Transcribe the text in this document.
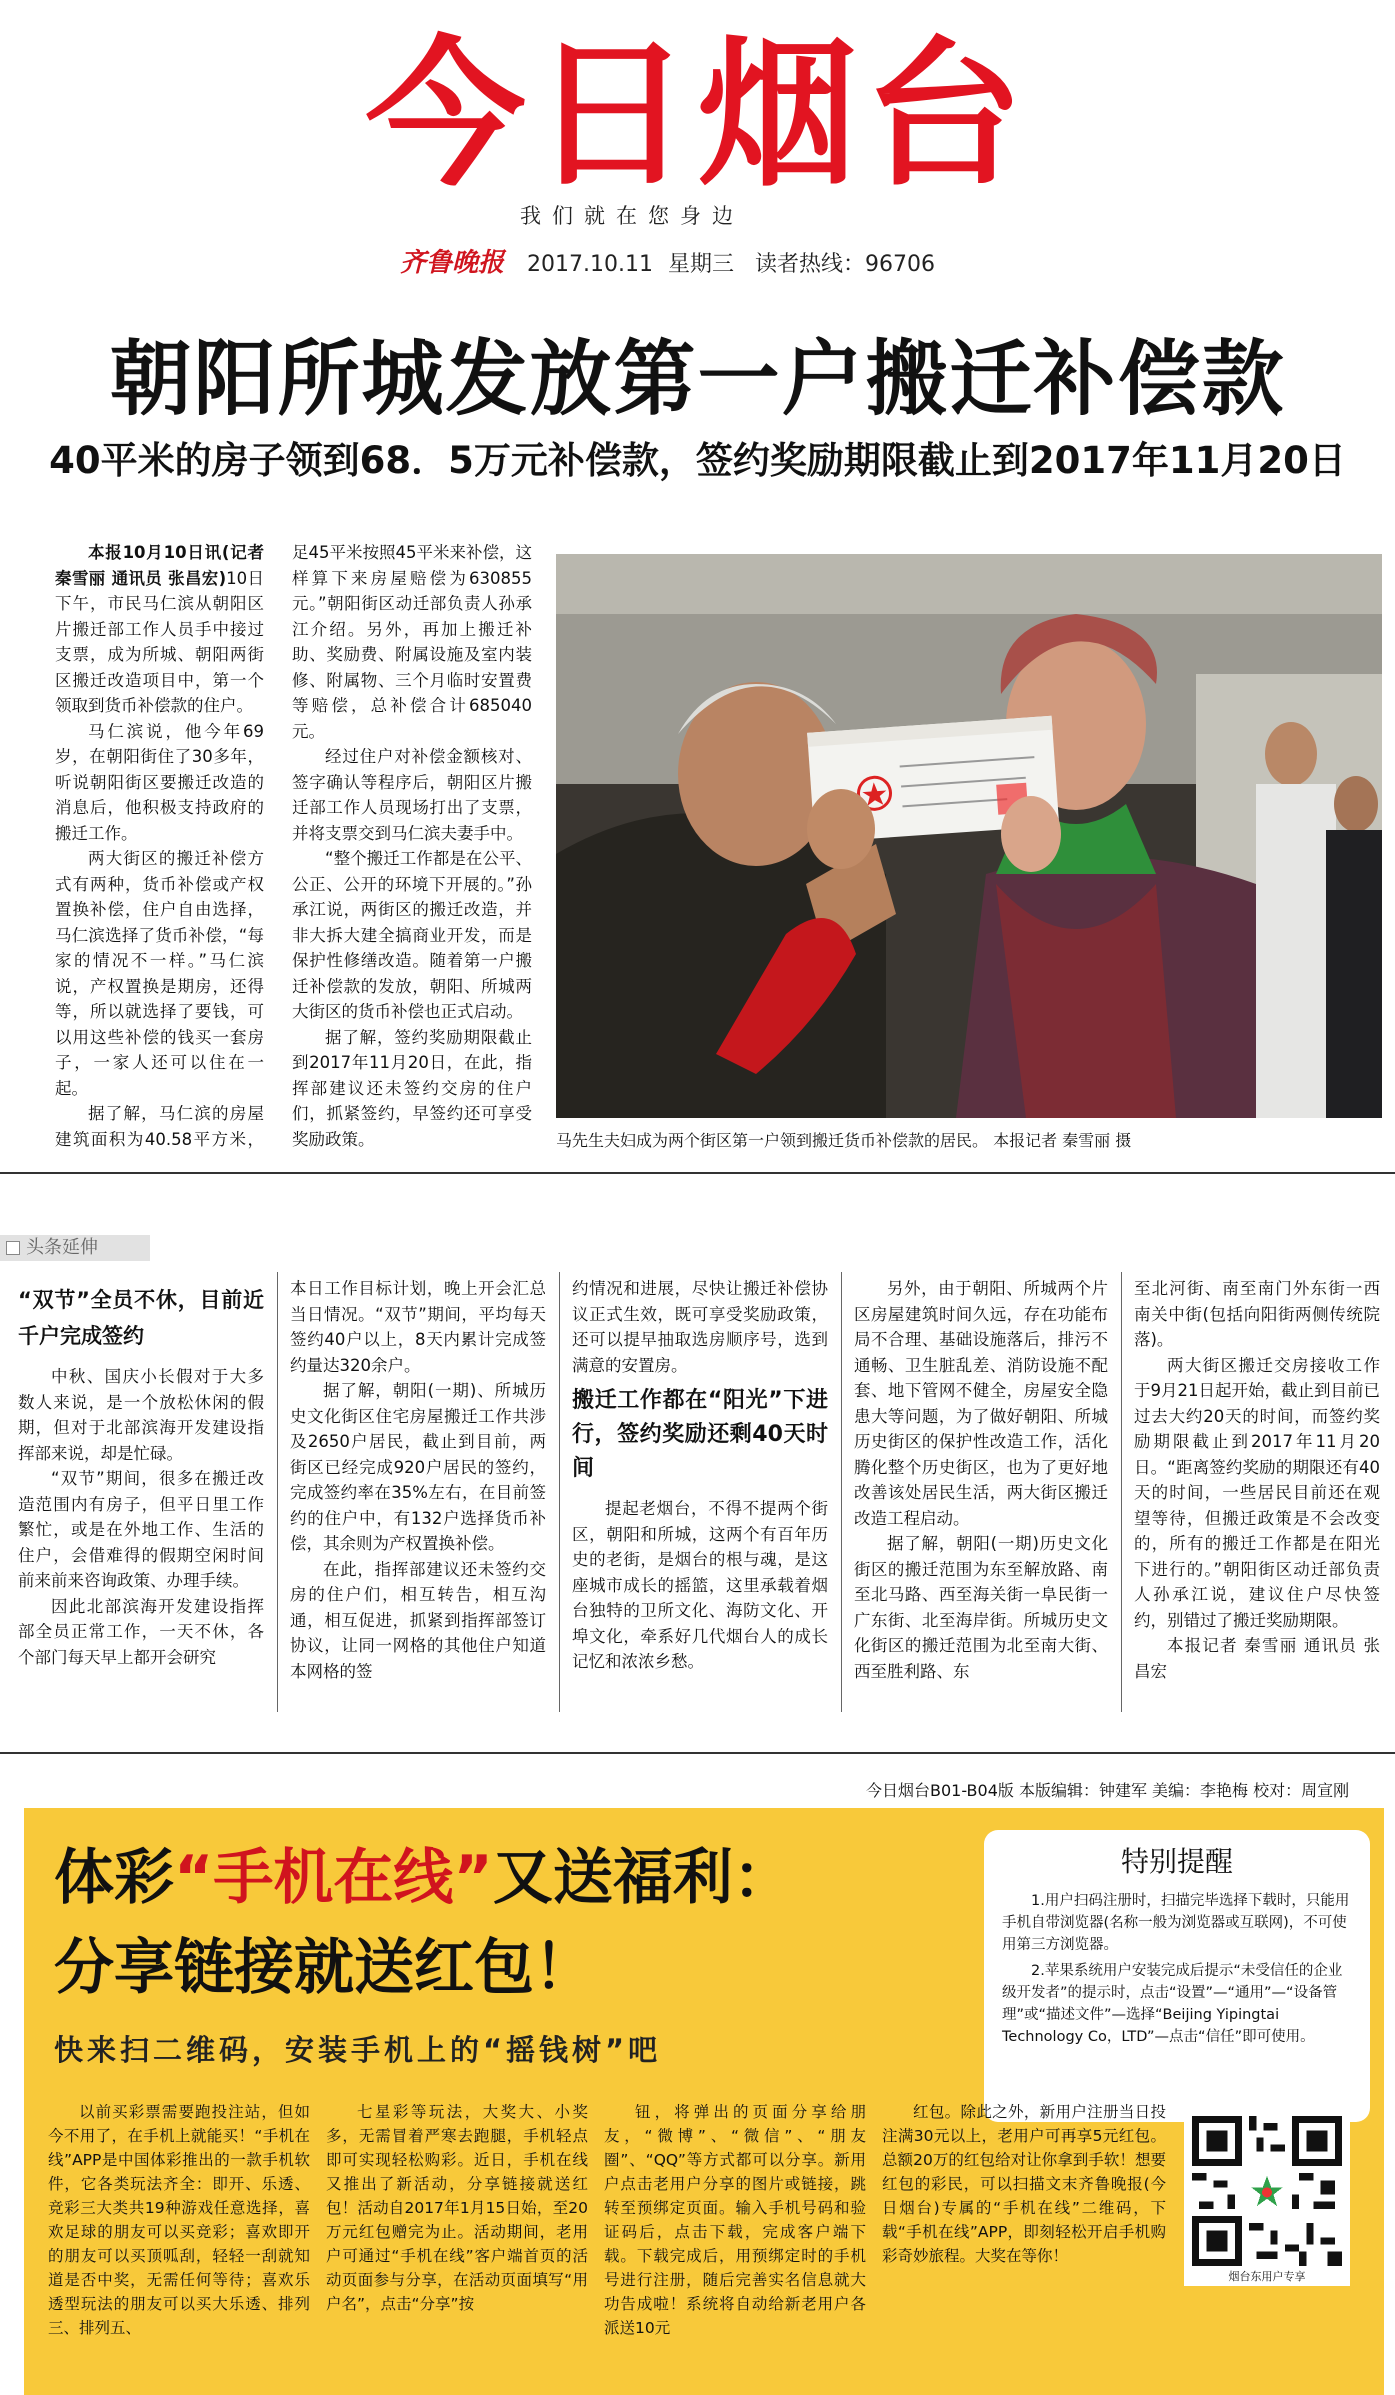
今日烟台
我们就在您身边
齐鲁晚报 2017.10.11 星期三 读者热线：96706
朝阳所城发放第一户搬迁补偿款
40平米的房子领到68．5万元补偿款，签约奖励期限截止到2017年11月20日

本报10月10日讯(记者 秦雪丽 通讯员 张昌宏)10日下午，市民马仁滨从朝阳区片搬迁部工作人员手中接过支票，成为所城、朝阳两街区搬迁改造项目中，第一个领取到货币补偿款的住户。

马仁滨说，他今年69岁，在朝阳街住了30多年，听说朝阳街区要搬迁改造的消息后，他积极支持政府的搬迁工作。

两大街区的搬迁补偿方式有两种，货币补偿或产权置换补偿，住户自由选择，马仁滨选择了货币补偿，“每家的情况不一样。”马仁滨说，产权置换是期房，还得等，所以就选择了要钱，可以用这些补偿的钱买一套房子，一家人还可以住在一起。

据了解，马仁滨的房屋建筑面积为40.58平方米，

足45平米按照45平米来补偿，这样算下来房屋赔偿为630855元。”朝阳街区动迁部负责人孙承江介绍。另外，再加上搬迁补助、奖励费、附属设施及室内装修、附属物、三个月临时安置费等赔偿，总补偿合计685040元。

经过住户对补偿金额核对、签字确认等程序后，朝阳区片搬迁部工作人员现场打出了支票，并将支票交到马仁滨夫妻手中。

“整个搬迁工作都是在公平、公正、公开的环境下开展的。”孙承江说，两街区的搬迁改造，并非大拆大建全搞商业开发，而是保护性修缮改造。随着第一户搬迁补偿款的发放，朝阳、所城两大街区的货币补偿也正式启动。

据了解，签约奖励期限截止到2017年11月20日，在此，指挥部建议还未签约交房的住户们，抓紧签约，早签约还可享受奖励政策。	马先生夫妇成为两个街区第一户领到搬迁货币补偿款的居民。 本报记者 秦雪丽 摄
头条延伸
“双节”全员不休，目前近千户完成签约

中秋、国庆小长假对于大多数人来说，是一个放松休闲的假期，但对于北部滨海开发建设指挥部来说，却是忙碌。

“双节”期间，很多在搬迁改造范围内有房子，但平日里工作繁忙，或是在外地工作、生活的住户，会借难得的假期空闲时间前来前来咨询政策、办理手续。

因此北部滨海开发建设指挥部全员正常工作，一天不休，各个部门每天早上都开会研究

本日工作目标计划，晚上开会汇总当日情况。“双节”期间，平均每天签约40户以上，8天内累计完成签约量达320余户。

据了解，朝阳(一期)、所城历史文化街区住宅房屋搬迁工作共涉及2650户居民，截止到目前，两街区已经完成920户居民的签约，完成签约率在35%左右，在目前签约的住户中，有132户选择货币补偿，其余则为产权置换补偿。

在此，指挥部建议还未签约交房的住户们，相互转告，相互沟通，相互促进，抓紧到指挥部签订协议，让同一网格的其他住户知道本网格的签

约情况和进展，尽快让搬迁补偿协议正式生效，既可享受奖励政策，还可以提早抽取选房顺序号，选到满意的安置房。

搬迁工作都在“阳光”下进行，签约奖励还剩40天时间

提起老烟台，不得不提两个街区，朝阳和所城，这两个有百年历史的老街，是烟台的根与魂，是这座城市成长的摇篮，这里承载着烟台独特的卫所文化、海防文化、开埠文化，牵系好几代烟台人的成长记忆和浓浓乡愁。

另外，由于朝阳、所城两个片区房屋建筑时间久远，存在功能布局不合理、基础设施落后，排污不通畅、卫生脏乱差、消防设施不配套、地下管网不健全，房屋安全隐患大等问题，为了做好朝阳、所城历史街区的保护性改造工作，活化腾化整个历史街区，也为了更好地改善该处居民生活，两大街区搬迁改造工程启动。

据了解，朝阳(一期)历史文化街区的搬迁范围为东至解放路、南至北马路、西至海关街一阜民街一广东街、北至海岸街。所城历史文化街区的搬迁范围为北至南大街、西至胜利路、东

至北河街、南至南门外东街一西南关中街(包括向阳街两侧传统院落)。

两大街区搬迁交房接收工作于9月21日起开始，截止到目前已过去大约20天的时间，而签约奖励期限截止到2017年11月20日。“距离签约奖励的期限还有40天的时间，一些居民目前还在观望等待，但搬迁政策是不会改变的，所有的搬迁工作都是在阳光下进行的。”朝阳街区动迁部负责人孙承江说，建议住户尽快签约，别错过了搬迁奖励期限。

本报记者 秦雪丽 通讯员 张昌宏

今日烟台B01-B04版 本版编辑：钟建军 美编：李艳梅 校对：周宣刚
体彩“手机在线”又送福利：
分享链接就送红包！
快来扫二维码，安装手机上的“摇钱树”吧
特别提醒

1.用户扫码注册时，扫描完毕选择下载时，只能用手机自带浏览器(名称一般为浏览器或互联网)，不可使用第三方浏览器。

2.苹果系统用户安装完成后提示“未受信任的企业级开发者”的提示时，点击“设置”—“通用”—“设备管理”或“描述文件”—选择“Beijing Yipingtai Technology Co，LTD”—点击“信任”即可使用。

以前买彩票需要跑投注站，但如今不用了，在手机上就能买！“手机在线”APP是中国体彩推出的一款手机软件，它各类玩法齐全：即开、乐透、竞彩三大类共19种游戏任意选择，喜欢足球的朋友可以买竞彩；喜欢即开的朋友可以买顶呱刮，轻轻一刮就知道是否中奖，无需任何等待；喜欢乐透型玩法的朋友可以买大乐透、排列三、排列五、

七星彩等玩法，大奖大、小奖多，无需冒着严寒去跑腿，手机轻点即可实现轻松购彩。近日，手机在线又推出了新活动，分享链接就送红包！活动自2017年1月15日始，至20万元红包赠完为止。活动期间，老用户可通过“手机在线”客户端首页的活动页面参与分享，在活动页面填写“用户名”，点击“分享”按

钮，将弹出的页面分享给朋友，“微博”、“微信”、“朋友圈”、“QQ”等方式都可以分享。新用户点击老用户分享的图片或链接，跳转至预绑定页面。输入手机号码和验证码后，点击下载，完成客户端下载。下载完成后，用预绑定时的手机号进行注册，随后完善实名信息就大功告成啦！系统将自动给新老用户各派送10元

红包。除此之外，新用户注册当日投注满30元以上，老用户可再享5元红包。总额20万的红包给对让你拿到手软！想要红包的彩民，可以扫描文末齐鲁晚报(今日烟台)专属的“手机在线”二维码，下载“手机在线”APP，即刻轻松开启手机购彩奇妙旅程。大奖在等你！

烟台东用户专享
